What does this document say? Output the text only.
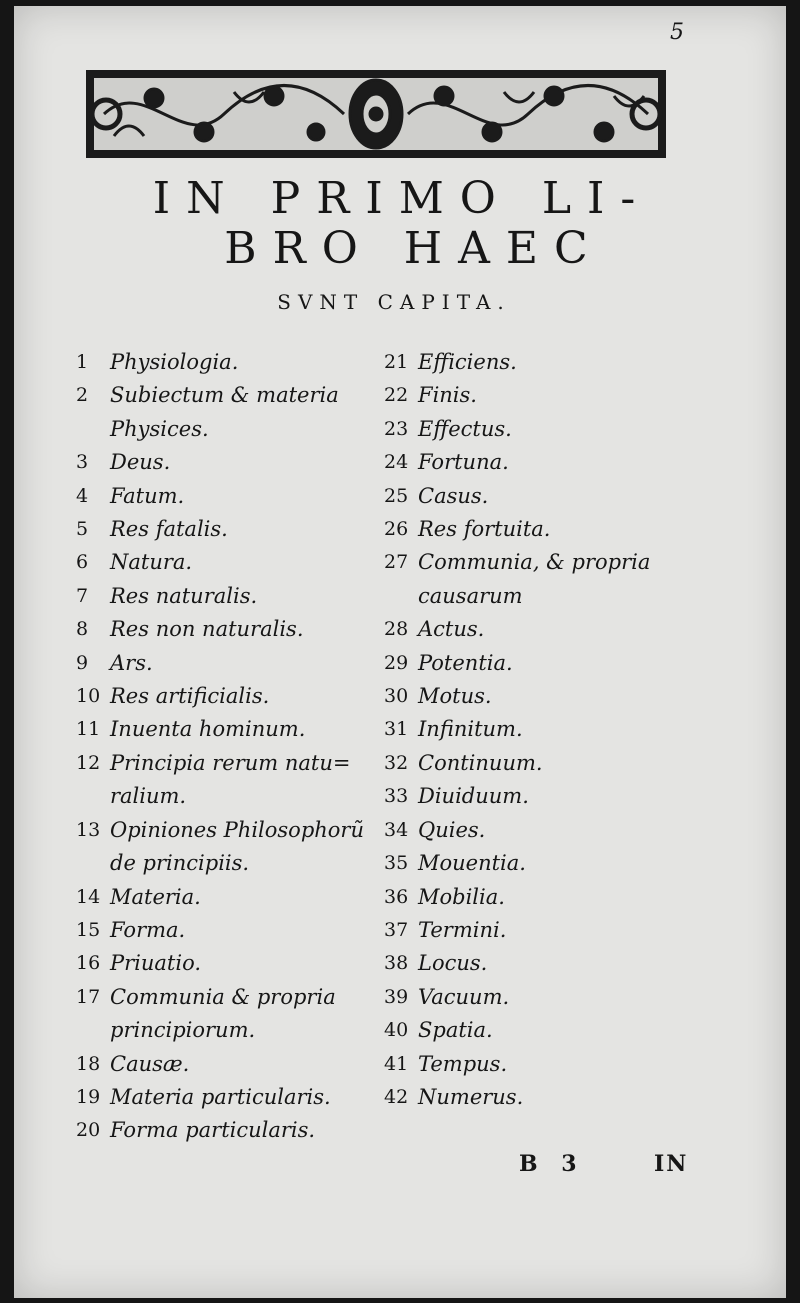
5
IN PRIMO LI-
BRO HAEC
SVNT CAPITA.
1	Physiologia.
2	Subiectum & materia
Physices.
3	Deus.
4	Fatum.
5	Res fatalis.
6	Natura.
7	Res naturalis.
8	Res non naturalis.
9	Ars.
10 Res artificialis.
11 Inuenta hominum.
12 Principia rerum natu=
ralium.
13 Opiniones Philosophorũ
de principiis.
14 Materia.
15 Forma.
16 Priuatio.
17 Communia & propria
principiorum.
18 Causæ.
19 Materia particularis.
20 Forma particularis.
21 Efficiens.
22 Finis.
23 Effectus.
24 Fortuna.
25 Casus.
26 Res fortuita.
27 Communia, & propria
causarum
28 Actus.
29 Potentia.
30 Motus.
31 Infinitum.
32 Continuum.
33 Diuiduum.
34 Quies.
35 Mouentia.
36 Mobilia.
37 Termini.
38 Locus.
39 Vacuum.
40 Spatia.
41 Tempus.
42 Numerus.
B 3	IN
